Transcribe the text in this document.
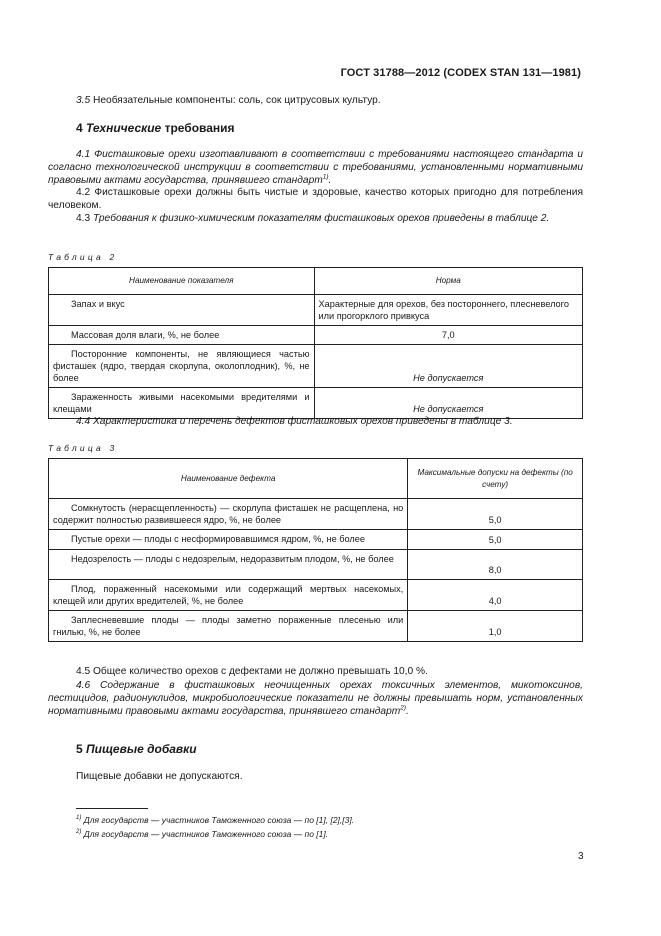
ГОСТ 31788—2012 (CODEX STAN 131—1981)
3.5 Необязательные компоненты: соль, сок цитрусовых культур.
4 Технические требования
4.1 Фисташковые орехи изготавливают в соответствии с требованиями настоящего стандарта и согласно технологической инструкции в соответствии с требованиями, установленными нормативными правовыми актами государства, принявшего стандарт$^{1)}$.
4.2 Фисташковые орехи должны быть чистые и здоровые, качество которых пригодно для потребления человеком.
4.3 Требования к физико-химическим показателям фисташковых орехов приведены в таблице 2.
Таблица 2
Наименование показателя	Норма
Запах и вкус	Характерные для орехов, без постороннего, плесневелого или прогорклого привкуса
Массовая доля влаги, %, не более	7,0
Посторонние компоненты, не являющиеся частью фисташек (ядро, твердая скорлупа, околоплодник), %, не более	Не допускается
Зараженность живыми насекомыми вредителями и клещами	Не допускается
4.4 Характеристика и перечень дефектов фисташковых орехов приведены в таблице 3.
Таблица 3
Наименование дефекта	Максимальные допуски на дефекты (по счету)
Сомкнутость (нерасщепленность) — скорлупа фисташек не расщеплена, но содержит полностью развившееся ядро, %, не более	5,0
Пустые орехи — плоды с несформировавшимся ядром, %, не более	5,0
Недозрелость — плоды с недозрелым, недоразвитым плодом, %, не более	8,0
Плод, пораженный насекомыми или содержащий мертвых насекомых, клещей или других вредителей, %, не более	4,0
Заплесневевшие плоды — плоды заметно пораженные плесенью или гнилью, %, не более	1,0
4.5 Общее количество орехов с дефектами не должно превышать 10,0 %.
4.6 Содержание в фисташковых неочищенных орехах токсичных элементов, микотоксинов, пестицидов, радионуклидов, микробиологические показатели не должны превышать норм, установленных нормативными правовыми актами государства, принявшего стандарт$^{2)}$.
5 Пищевые добавки
Пищевые добавки не допускаются.
$^{1)}$ Для государств — участников Таможенного союза — по [1], [2],[3].
$^{2)}$ Для государств — участников Таможенного союза — по [1].
3
